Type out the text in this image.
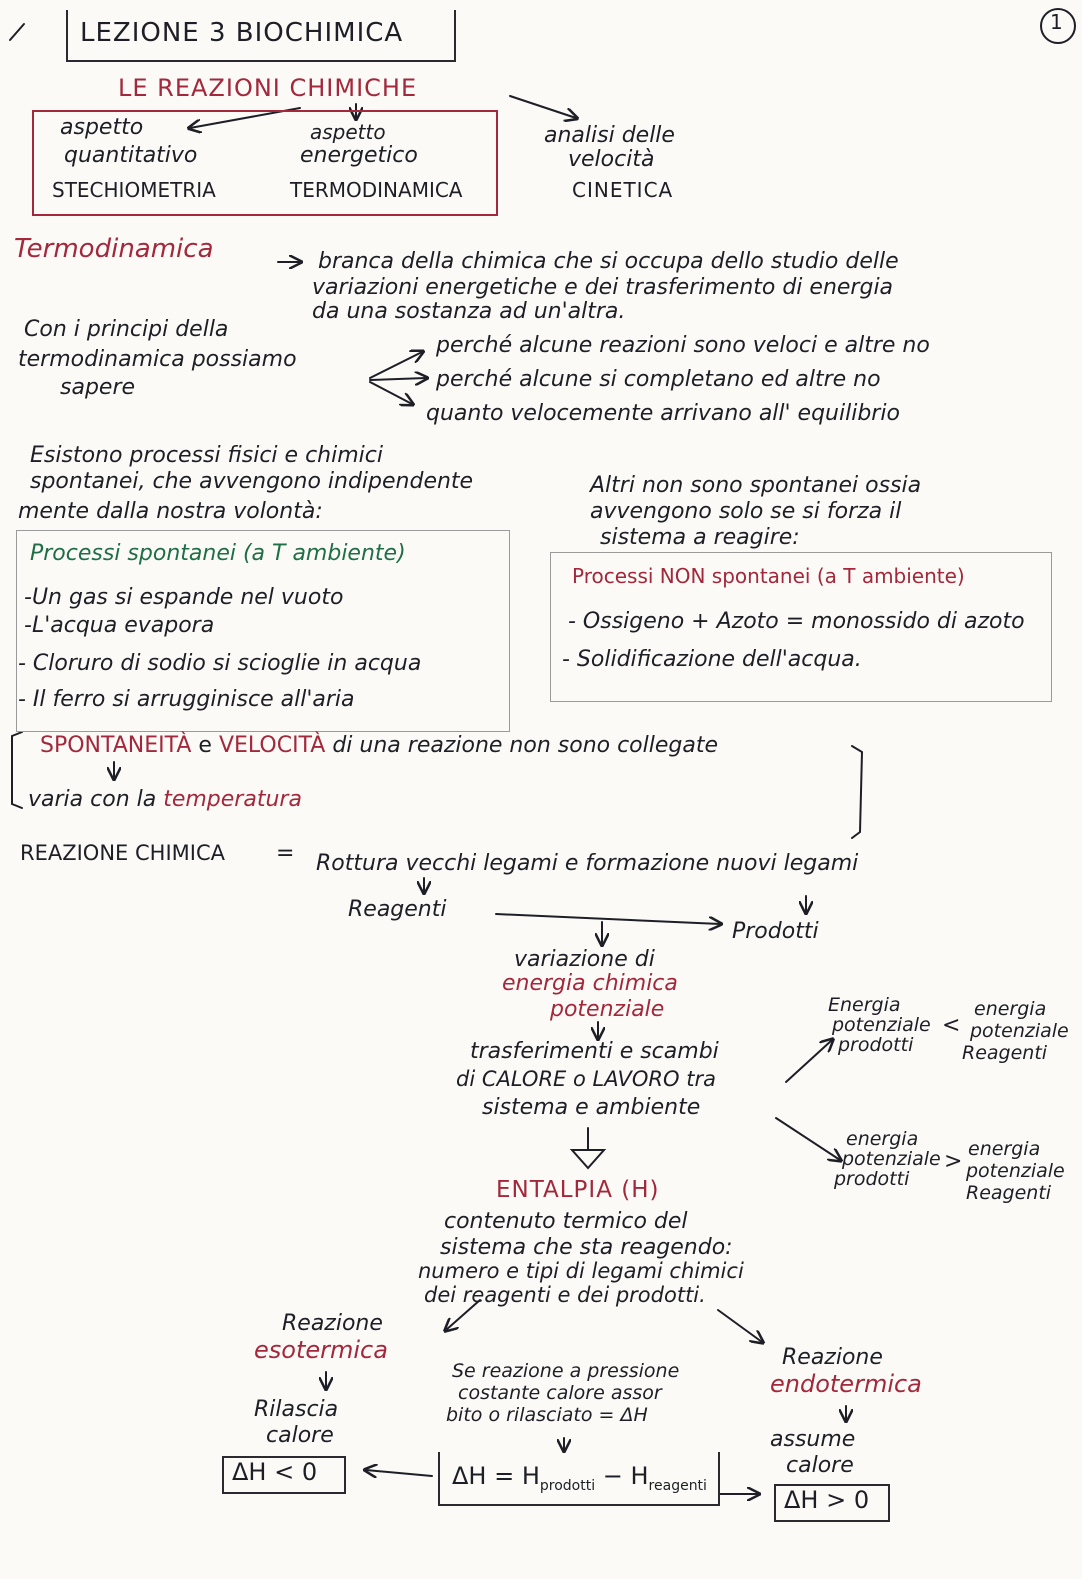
LEZIONE 3 BIOCHIMICA	1
LE REAZIONI CHIMICHE
aspetto
quantitativo
STECHIOMETRIA
aspetto
energetico
TERMODINAMICA
analisi delle
velocità
CINETICA
Termodinamica	branca della chimica che si occupa dello studio delle
variazioni energetiche e dei trasferimento di energia
da una sostanza ad un'altra.
Con i principi della
termodinamica possiamo
sapere
perché alcune reazioni sono veloci e altre no
perché alcune si completano ed altre no
quanto velocemente arrivano all' equilibrio
Esistono processi fisici e chimici
spontanei, che avvengono indipendente
mente dalla nostra volontà:
Processi spontanei (a T ambiente)
-Un gas si espande nel vuoto
-L'acqua evapora
- Cloruro di sodio si scioglie in acqua
- Il ferro si arrugginisce all'aria
Altri non sono spontanei ossia
avvengono solo se si forza il
sistema a reagire:
Processi NON spontanei (a T ambiente)
- Ossigeno + Azoto = monossido di azoto
- Solidificazione dell'acqua.
SPONTANEITÀ e VELOCITÀ di una reazione non sono collegate
varia con la temperatura
REAZIONE CHIMICA = Rottura vecchi legami e formazione nuovi legami
Reagenti
Prodotti
variazione di
energia chimica
potenziale
trasferimenti e scambi
di CALORE o LAVORO tra
sistema e ambiente
Energia
potenziale
prodotti
<
energia
potenziale
Reagenti
energia
potenziale
prodotti
> energia
potenziale
Reagenti
ENTALPIA (H)
contenuto termico del
sistema che sta reagendo:
numero e tipi di legami chimici
dei reagenti e dei prodotti.
Reazione
esotermica
Rilascia
calore
ΔH < 0
Se reazione a pressione
costante calore assor
bito o rilasciato = ΔH
$\Delta H = H_{prodotti} - H_{reagenti}$
Reazione
endotermica
assume
calore
ΔH > 0
